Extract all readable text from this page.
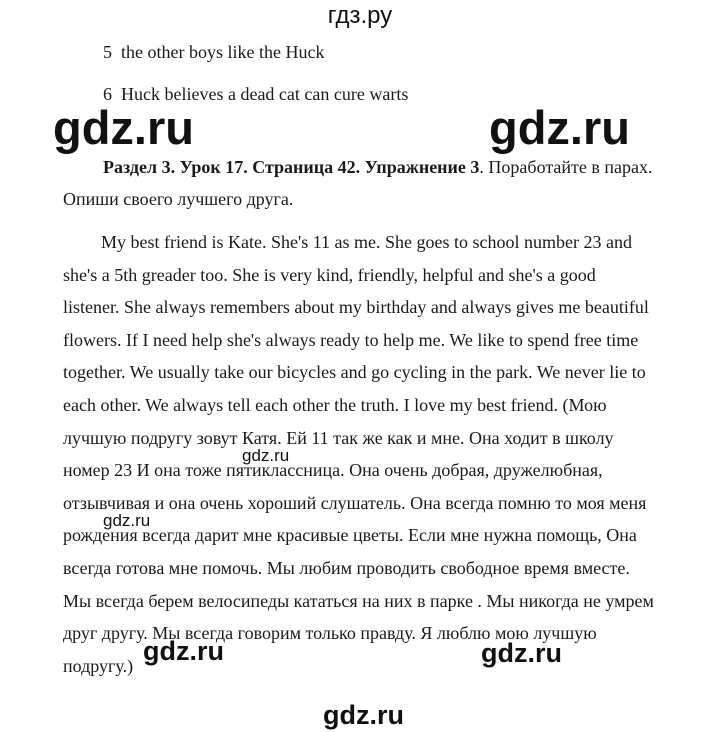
гдз.ру
5 the other boys like the Huck
6 Huck believes a dead cat can cure warts
gdz.ru	gdz.ru
Раздел 3. Урок 17. Страница 42. Упражнение 3. Поработайте в парах.
Опиши своего лучшего друга.
My best friend is Kate. She's 11 as me. She goes to school number 23 and
she's a 5th greader too. She is very kind, friendly, helpful and she's a good
listener. She always remembers about my birthday and always gives me beautiful
flowers. If I need help she's always ready to help me. We like to spend free time
together. We usually take our bicycles and go cycling in the park. We never lie to
each other. We always tell each other the truth. I love my best friend. (Мою
лучшую подругу зовут Катя. Ей 11 так же как и мне. Она ходит в школу
номер 23 И она тоже пятиклассница. Она очень добрая, дружелюбная,
отзывчивая и она очень хороший слушатель. Она всегда помню то моя меня
рождения всегда дарит мне красивые цветы. Если мне нужна помощь, Она
всегда готова мне помочь. Мы любим проводить свободное время вместе.
Мы всегда берем велосипеды кататься на них в парке . Мы никогда не умрем
друг другу. Мы всегда говорим только правду. Я люблю мою лучшую
подругу.)
gdz.ru
gdz.ru
gdz.ru	gdz.ru
gdz.ru
